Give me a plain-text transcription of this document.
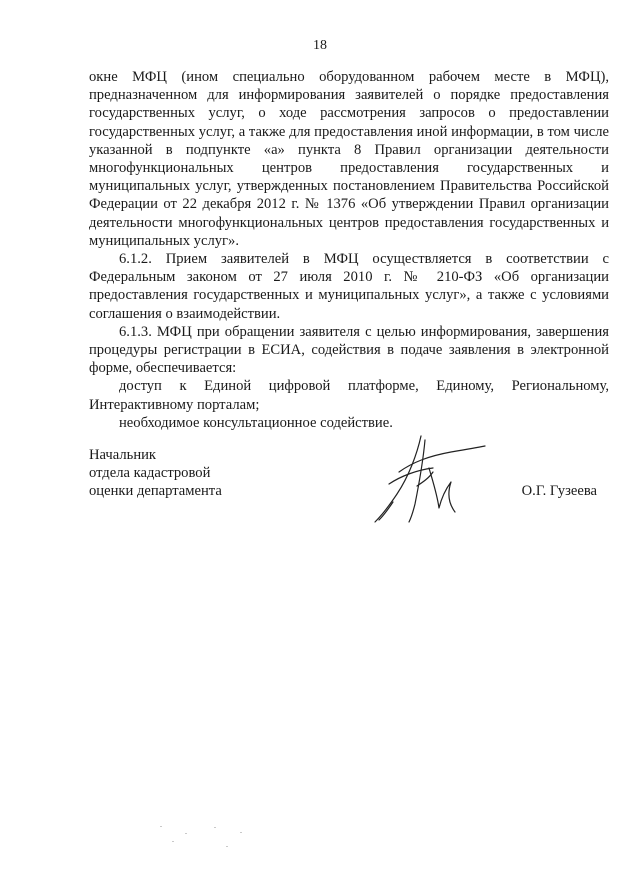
18

окне МФЦ (ином специально оборудованном рабочем месте в МФЦ), предназначенном для информирования заявителей о порядке предоставления государственных услуг, о ходе рассмотрения запросов о предоставлении государственных услуг, а также для предоставления иной информации, в том числе указанной в подпункте «а» пункта 8 Правил организации деятельности многофункциональных центров предоставления государственных и муниципальных услуг, утвержденных постановлением Правительства Российской Федерации от 22 декабря 2012 г. № 1376 «Об утверждении Правил организации деятельности многофункциональных центров предоставления государственных и муниципальных услуг».

6.1.2. Прием заявителей в МФЦ осуществляется в соответствии с Федеральным законом от 27 июля 2010 г. № 210-ФЗ «Об организации предоставления государственных и муниципальных услуг», а также с условиями соглашения о взаимодействии.

6.1.3. МФЦ при обращении заявителя с целью информирования, завершения процедуры регистрации в ЕСИА, содействия в подаче заявления в электронной форме, обеспечивается:

доступ к Единой цифровой платформе, Единому, Региональному, Интерактивному порталам;

необходимое консультационное содействие.

Начальник
отдела кадастровой
оценки департамента	О.Г. Гузеева
